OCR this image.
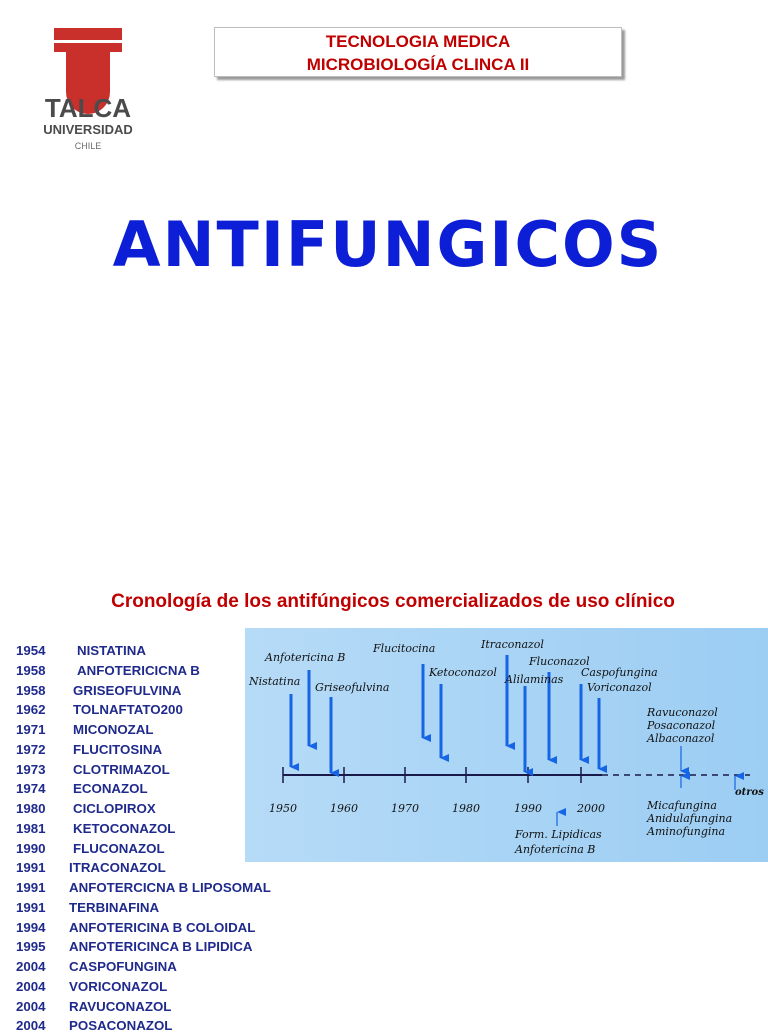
TALCA
UNIVERSIDAD
CHILE
TECNOLOGIA MEDICA
MICROBIOLOGÍA CLINCA II
ANTIFUNGICOS
Cronología de los antifúngicos comercializados de uso clínico
1954 NISTATINA
1958 ANFOTERICICNA B
1958 GRISEOFULVINA
1962 TOLNAFTATO200
1971 MICONOZAL
1972 FLUCITOSINA
1973 CLOTRIMAZOL
1974 ECONAZOL
1980 CICLOPIROX
1981 KETOCONAZOL
1990 FLUCONAZOL
1991 ITRACONAZOL
1991 ANFOTERCICNA B LIPOSOMAL
1991 TERBINAFINA
1994 ANFOTERICINA B COLOIDAL
1995 ANFOTERICINCA B LIPIDICA
2004 CASPOFUNGINA
2004 VORICONAZOL
2004 RAVUCONAZOL
2004 POSACONAZOL
1950	1960	1970	1980	1990	2000
Anfotericina B
Nistatina Griseofulvina
Flucitocina
Ketoconazol
Itraconazol
Alilaminas
Fluconazol
Caspofungina
Voriconazol
Ravuconazol
Posaconazol
Albaconazol
Micafungina
Anidulafungina
Aminofungina
otros
Form. Lipidicas
Anfotericina B
